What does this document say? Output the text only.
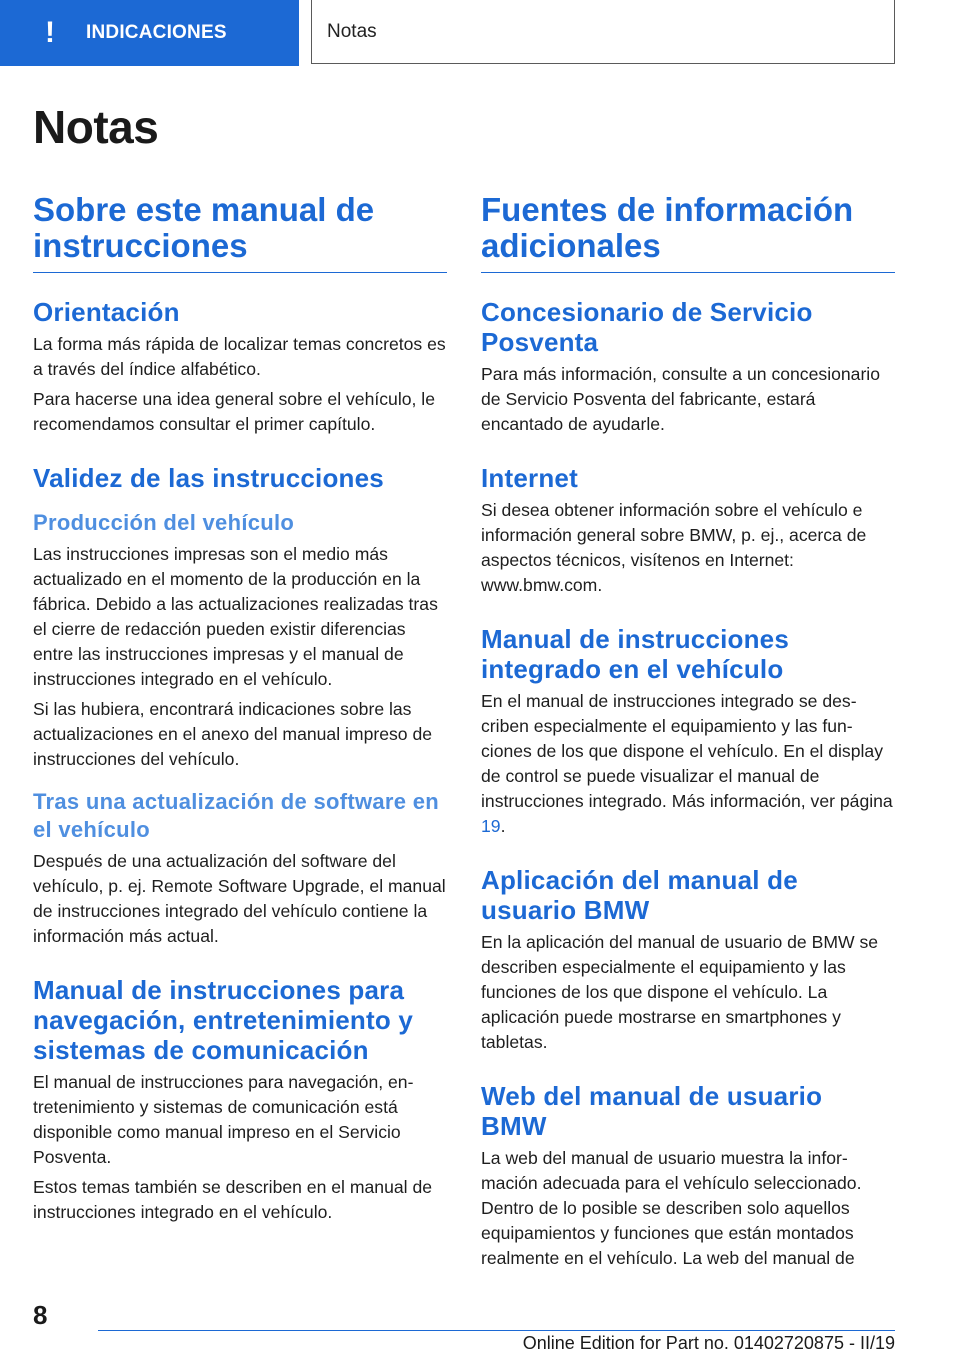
! INDICACIONES	Notas
Notas
Sobre este manual de instrucciones
Orientación

La forma más rápida de localizar temas concretos es a través del índice alfabético.

Para hacerse una idea general sobre el vehículo, le recomendamos consultar el primer capítulo.

Validez de las instrucciones
Producción del vehículo

Las instrucciones impresas son el medio más actualizado en el momento de la producción en la fábrica. Debido a las actualizaciones realizadas tras el cierre de redacción pueden existir diferencias entre las instrucciones impresas y el manual de instrucciones integrado en el vehículo.

Si las hubiera, encontrará indicaciones sobre las actualizaciones en el anexo del manual impreso de instrucciones del vehículo.

Tras una actualización de software en el vehículo

Después de una actualización del software del vehículo, p. ej. Remote Software Upgrade, el manual de instrucciones integrado del vehículo contiene la información más actual.

Manual de instrucciones para navegación, entretenimiento y sistemas de comunicación

El manual de instrucciones para navegación, entretenimiento y sistemas de comunicación está disponible como manual impreso en el Servicio Posventa.

Estos temas también se describen en el manual de instrucciones integrado en el vehículo.

Fuentes de información adicionales
Concesionario de Servicio Posventa

Para más información, consulte a un concesionario de Servicio Posventa del fabricante, estará encantado de ayudarle.

Internet

Si desea obtener información sobre el vehículo e información general sobre BMW, p. ej., acerca de aspectos técnicos, visítenos en Internet: www.bmw.com.

Manual de instrucciones integrado en el vehículo

En el manual de instrucciones integrado se describen especialmente el equipamiento y las funciones de los que dispone el vehículo. En el display de control se puede visualizar el manual de instrucciones integrado. Más información, ver página 19.

Aplicación del manual de usuario BMW

En la aplicación del manual de usuario de BMW se describen especialmente el equipamiento y las funciones de los que dispone el vehículo. La aplicación puede mostrarse en smartphones y tabletas.

Web del manual de usuario BMW

La web del manual de usuario muestra la información adecuada para el vehículo seleccionado. Dentro de lo posible se describen solo aquellos equipamientos y funciones que están montados realmente en el vehículo. La web del manual de

8
Online Edition for Part no. 01402720875 - II/19
